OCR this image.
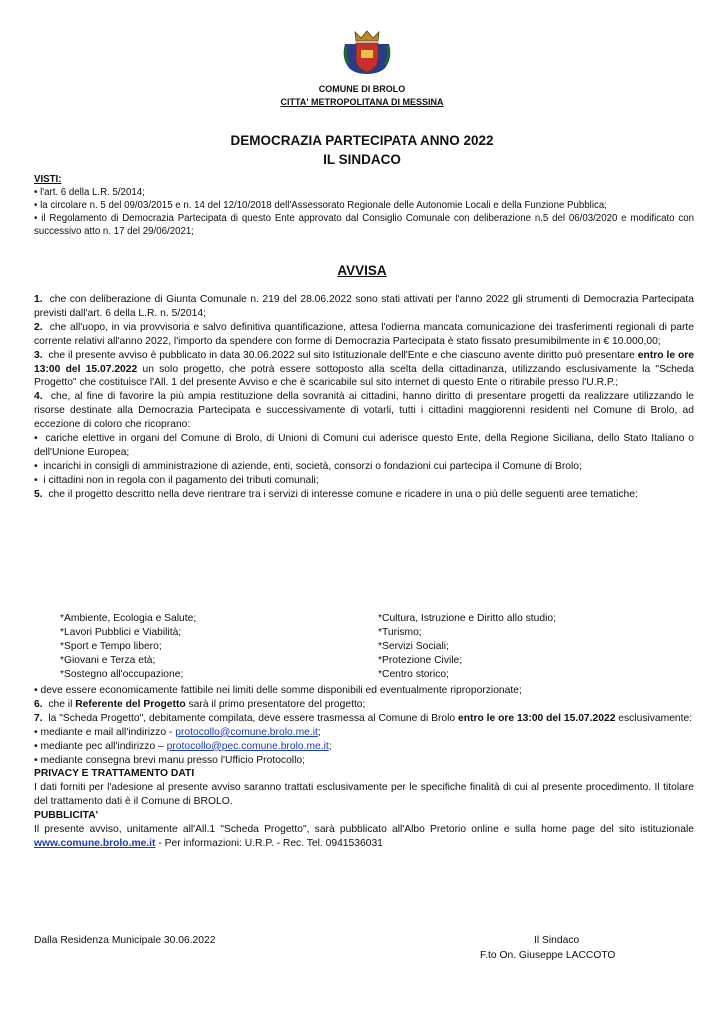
COMUNE DI BROLO
CITTA' METROPOLITANA DI MESSINA
DEMOCRAZIA PARTECIPATA ANNO 2022
IL SINDACO

VISTI:

• l'art. 6 della L.R. 5/2014;

• la circolare n. 5 del 09/03/2015 e n. 14 del 12/10/2018 dell'Assessorato Regionale delle Autonomie Locali e della Funzione Pubblica;

• il Regolamento di Democrazia Partecipata di questo Ente approvato dal Consiglio Comunale con deliberazione n.5 del 06/03/2020 e modificato con successivo atto n. 17 del 29/06/2021;

AVVISA

1. che con deliberazione di Giunta Comunale n. 219 del 28.06.2022 sono stati attivati per l'anno 2022 gli strumenti di Democrazia Partecipata previsti dall'art. 6 della L.R. n. 5/2014;

2. che all'uopo, in via provvisoria e salvo definitiva quantificazione, attesa l'odierna mancata comunicazione dei trasferimenti regionali di parte corrente relativi all'anno 2022, l'importo da spendere con forme di Democrazia Partecipata è stato fissato presumibilmente in € 10.000,00;

3. che il presente avviso è pubblicato in data 30.06.2022 sul sito Istituzionale dell'Ente e che ciascuno avente diritto può presentare entro le ore 13:00 del 15.07.2022 un solo progetto, che potrà essere sottoposto alla scelta della cittadinanza, utilizzando esclusivamente la "Scheda Progetto" che costituisce l'All. 1 del presente Avviso e che è scaricabile sul sito internet di questo Ente o ritirabile presso l'U.R.P.;

4. che, al fine di favorire la più ampia restituzione della sovranità ai cittadini, hanno diritto di presentare progetti da realizzare utilizzando le risorse destinate alla Democrazia Partecipata e successivamente di votarli, tutti i cittadini maggiorenni residenti nel Comune di Brolo, ad eccezione di coloro che ricoprano:

•  cariche elettive in organi del Comune di Brolo, di Unioni di Comuni cui aderisce questo Ente, della Regione Siciliana, dello Stato Italiano o dell'Unione Europea;

•  incarichi in consigli di amministrazione di aziende, enti, società, consorzi o fondazioni cui partecipa il Comune di Brolo;

•  i cittadini non in regola con il pagamento dei tributi comunali;

5. che il progetto descritto nella deve rientrare tra i servizi di interesse comune e ricadere in una o più delle seguenti aree tematiche:

*Ambiente, Ecologia e Salute;	*Cultura, Istruzione e Diritto allo studio;
*Lavori Pubblici e Viabilità;	*Turismo;
*Sport e Tempo libero;	*Servizi Sociali;
*Giovani e Terza età;	*Protezione Civile;
*Sostegno all'occupazione;	*Centro storico;

• deve essere economicamente fattibile nei limiti delle somme disponibili ed eventualmente riproporzionate;

6. che il Referente del Progetto sarà il primo presentatore del progetto;

7. la "Scheda Progetto", debitamente compilata, deve essere trasmessa al Comune di Brolo entro le ore 13:00 del 15.07.2022 esclusivamente:

• mediante e mail all'indirizzo - protocollo@comune.brolo.me.it;

• mediante pec all'indirizzo – protocollo@pec.comune.brolo.me.it;

• mediante consegna brevi manu presso l'Ufficio Protocollo;

PRIVACY E TRATTAMENTO DATI

I dati forniti per l'adesione al presente avviso saranno trattati esclusivamente per le specifiche finalità di cui al presente procedimento. Il titolare del trattamento dati è il Comune di BROLO.

PUBBLICITA'

Il presente avviso, unitamente all'All.1 "Scheda Progetto", sarà pubblicato all'Albo Pretorio online e sulla home page del sito istituzionale www.comune.brolo.me.it - Per informazioni: U.R.P. - Rec. Tel. 0941536031

Dalla Residenza Municipale 30.06.2022	Il Sindaco
F.to On. Giuseppe LACCOTO
